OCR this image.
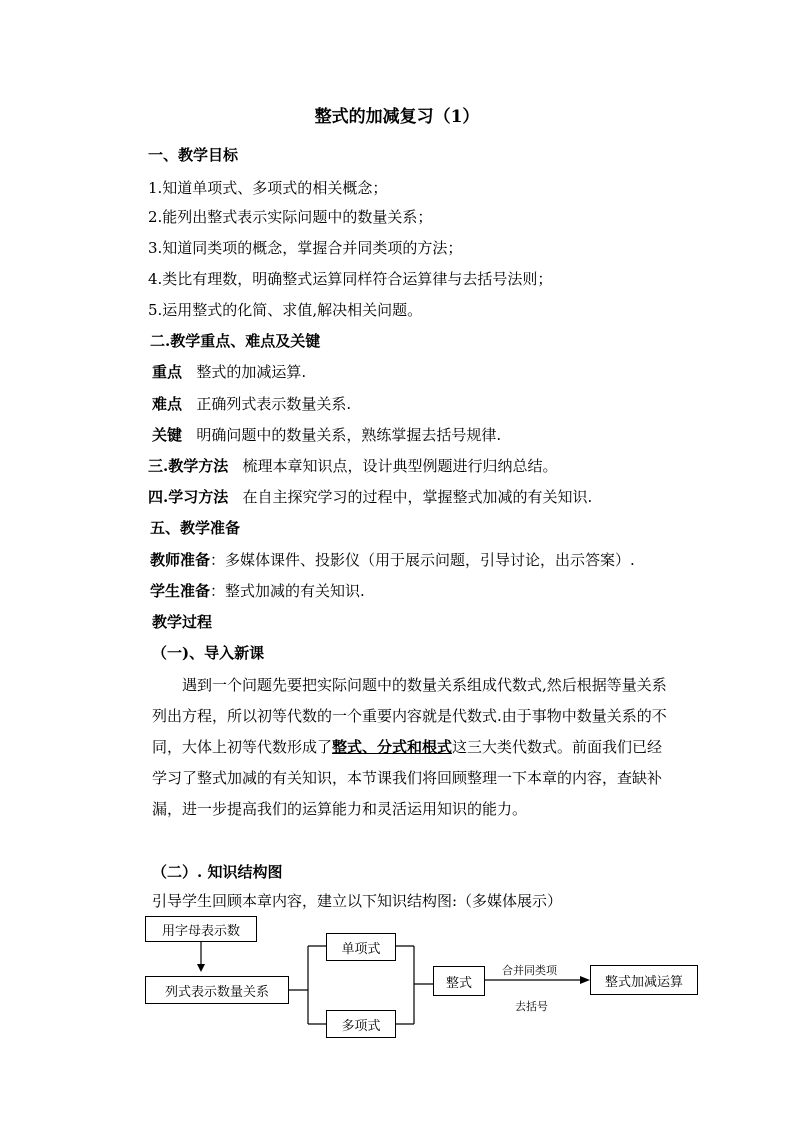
整式的加减复习（1）
一、教学目标
1.知道单项式、多项式的相关概念；
2.能列出整式表示实际问题中的数量关系；
3.知道同类项的概念，掌握合并同类项的方法；
4.类比有理数，明确整式运算同样符合运算律与去括号法则；
5.运用整式的化简、求值,解决相关问题。
二.教学重点、难点及关键
重点 整式的加减运算.
难点 正确列式表示数量关系.
关键 明确问题中的数量关系，熟练掌握去括号规律.
三.教学方法 梳理本章知识点，设计典型例题进行归纳总结。
四.学习方法 在自主探究学习的过程中，掌握整式加减的有关知识.
五、教学准备
教师准备：多媒体课件、投影仪（用于展示问题，引导讨论，出示答案）.
学生准备：整式加减的有关知识.
教学过程
（一)、导入新课
遇到一个问题先要把实际问题中的数量关系组成代数式,然后根据等量关系列出方程，所以初等代数的一个重要内容就是代数式.由于事物中数量关系的不同，大体上初等代数形成了整式、分式和根式这三大类代数式。前面我们已经学习了整式加减的有关知识，本节课我们将回顾整理一下本章的内容，查缺补漏，进一步提高我们的运算能力和灵活运用知识的能力。
（二）. 知识结构图
引导学生回顾本章内容，建立以下知识结构图:（多媒体展示）
用字母表示数
列式表示数量关系
单项式
多项式
整式	整式加减运算
合并同类项
去括号
